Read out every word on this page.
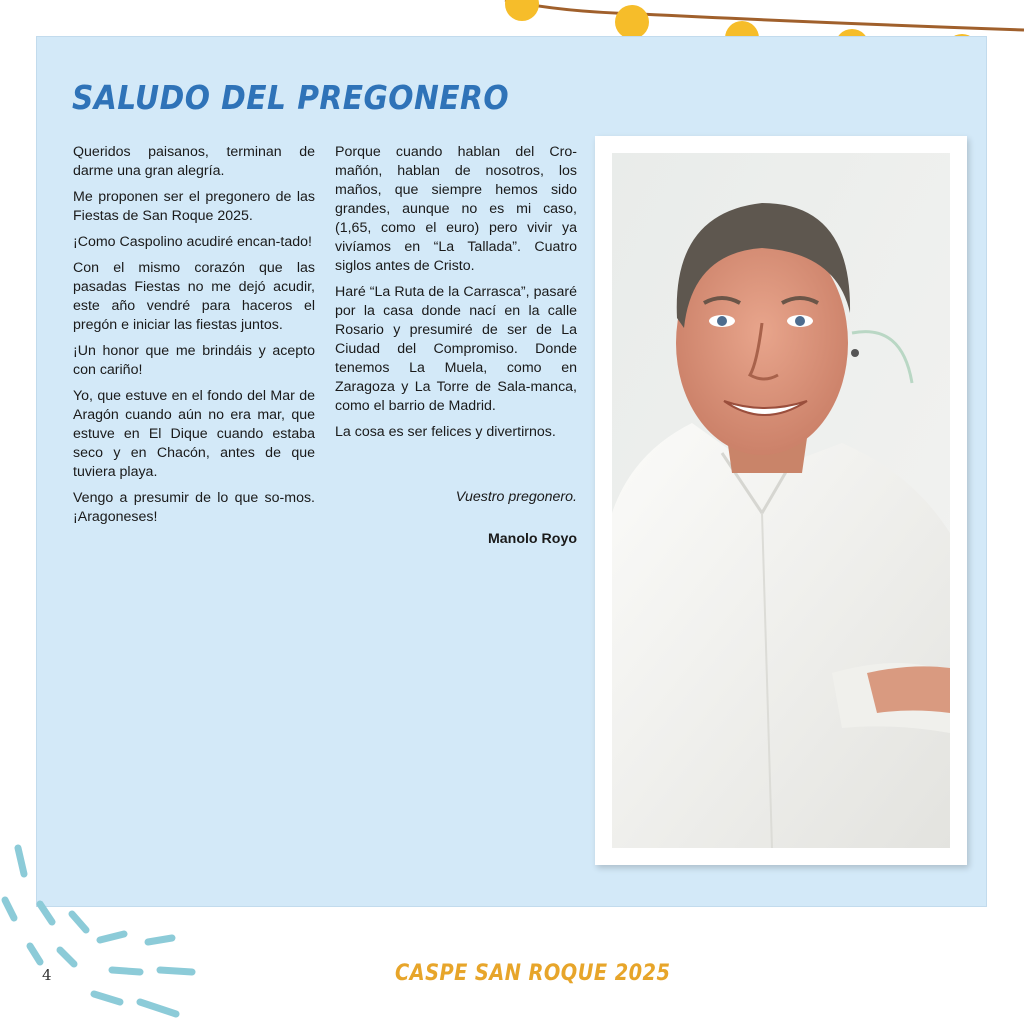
SALUDO DEL PREGONERO

Queridos paisanos, terminan de darme una gran alegría.

Me proponen ser el pregonero de las Fiestas de San Roque 2025.

¡Como Caspolino acudiré encan-tado!

Con el mismo corazón que las pasadas Fiestas no me dejó acudir, este año vendré para haceros el pregón e iniciar las fiestas juntos.

¡Un honor que me brindáis y acepto con cariño!

Yo, que estuve en el fondo del Mar de Aragón cuando aún no era mar, que estuve en El Dique cuando estaba seco y en Chacón, antes de que tuviera playa.

Vengo a presumir de lo que so-mos. ¡Aragoneses!

Porque cuando hablan del Cro-mañón, hablan de nosotros, los maños, que siempre hemos sido grandes, aunque no es mi caso, (1,65, como el euro) pero vivir ya vivíamos en “La Tallada”. Cuatro siglos antes de Cristo.

Haré “La Ruta de la Carrasca”, pasaré por la casa donde nací en la calle Rosario y presumiré de ser de La Ciudad del Compromiso. Donde tenemos La Muela, como en Zaragoza y La Torre de Sala-manca, como el barrio de Madrid.

La cosa es ser felices y divertirnos.

Vuestro pregonero.
Manolo Royo
4	CASPE SAN ROQUE 2025
